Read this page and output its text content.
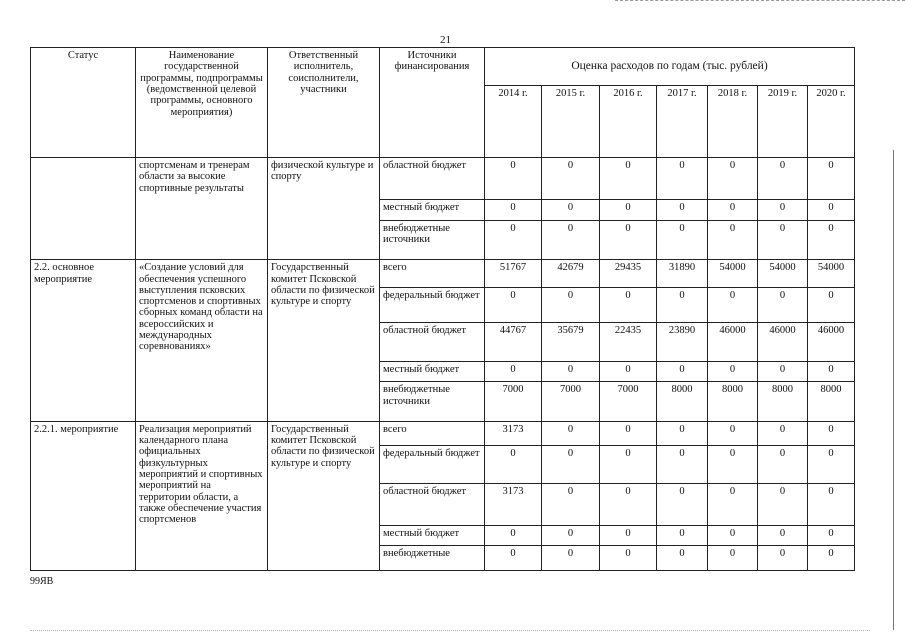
21
Статус	Наименование государственной программы, подпрограммы (ведомственной целевой программы, основного мероприятия)	Ответственный исполнитель, соисполнители, участники	Источники финансирования	Оценка расходов по годам (тыс. рублей)						
				2014 г.	2015 г.	2016 г.	2017 г.	2018 г.	2019 г.	2020 г.
	спортсменам и тренерам области за высокие спортивные результаты	физической культуре и спорту	областной бюджет	0	0	0	0	0	0	0
			местный бюджет	0	0	0	0	0	0	0
			внебюджетные источники	0	0	0	0	0	0	0
2.2. основное мероприятие	«Создание условий для обеспечения успешного выступления псковских спортсменов и спортивных сборных команд области на всероссийских и международных соревнованиях»	Государственный комитет Псковской области по физической культуре и спорту	всего	51767	42679	29435	31890	54000	54000	54000
			федеральный бюджет	0	0	0	0	0	0	0
			областной бюджет	44767	35679	22435	23890	46000	46000	46000
			местный бюджет	0	0	0	0	0	0	0
			внебюджетные источники	7000	7000	7000	8000	8000	8000	8000
2.2.1. мероприятие	Реализация мероприятий календарного плана официальных физкультурных мероприятий и спортивных мероприятий на территории области, а также обеспечение участия спортсменов	Государственный комитет Псковской области по физической культуре и спорту	всего	3173	0	0	0	0	0	0
			федеральный бюджет	0	0	0	0	0	0	0
			областной бюджет	3173	0	0	0	0	0	0
			местный бюджет	0	0	0	0	0	0	0
			внебюджетные	0	0	0	0	0	0	0
99ЯВ
